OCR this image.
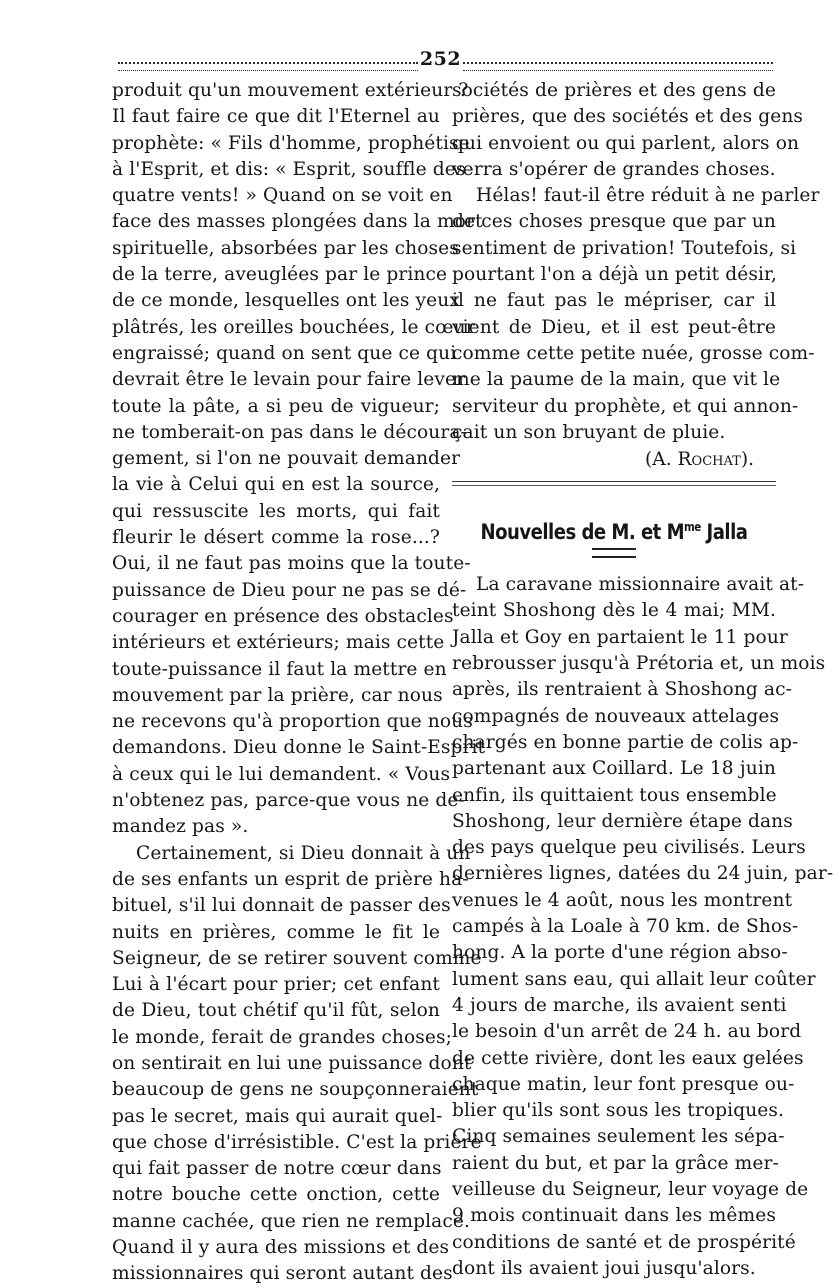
252
produit qu'un mouvement extérieur ?
Il faut faire ce que dit l'Eternel au
prophète: « Fils d'homme, prophétise
à l'Esprit, et dis: « Esprit, souffle des
quatre vents! » Quand on se voit en
face des masses plongées dans la mort
spirituelle, absorbées par les choses
de la terre, aveuglées par le prince
de ce monde, lesquelles ont les yeux
plâtrés, les oreilles bouchées, le cœur
engraissé; quand on sent que ce qui
devrait être le levain pour faire lever
toute la pâte, a si peu de vigueur;
ne tomberait-on pas dans le découra-
gement, si l'on ne pouvait demander
la vie à Celui qui en est la source,
qui ressuscite les morts, qui fait
fleurir le désert comme la rose...?
Oui, il ne faut pas moins que la toute-
puissance de Dieu pour ne pas se dé-
courager en présence des obstacles
intérieurs et extérieurs; mais cette
toute-puissance il faut la mettre en
mouvement par la prière, car nous
ne recevons qu'à proportion que nous
demandons. Dieu donne le Saint-Esprit
à ceux qui le lui demandent. « Vous
n'obtenez pas, parce-que vous ne de-
mandez pas ».
Certainement, si Dieu donnait à un
de ses enfants un esprit de prière ha-
bituel, s'il lui donnait de passer des
nuits en prières, comme le fit le
Seigneur, de se retirer souvent comme
Lui à l'écart pour prier; cet enfant
de Dieu, tout chétif qu'il fût, selon
le monde, ferait de grandes choses;
on sentirait en lui une puissance dont
beaucoup de gens ne soupçonneraient
pas le secret, mais qui aurait quel-
que chose d'irrésistible. C'est la prière
qui fait passer de notre cœur dans
notre bouche cette onction, cette
manne cachée, que rien ne remplace.
Quand il y aura des missions et des
missionnaires qui seront autant des
sociétés de prières et des gens de
prières, que des sociétés et des gens
qui envoient ou qui parlent, alors on
verra s'opérer de grandes choses.
Hélas! faut-il être réduit à ne parler
de ces choses presque que par un
sentiment de privation! Toutefois, si
pourtant l'on a déjà un petit désir,
il ne faut pas le mépriser, car il
vient de Dieu, et il est peut-être
comme cette petite nuée, grosse com-
me la paume de la main, que vit le
serviteur du prophète, et qui annon-
çait un son bruyant de pluie.
(A. Rochat).
Nouvelles de M. et $M^{me}$ Jalla
La caravane missionnaire avait at-
teint Shoshong dès le 4 mai; MM.
Jalla et Goy en partaient le 11 pour
rebrousser jusqu'à Prétoria et, un mois
après, ils rentraient à Shoshong ac-
compagnés de nouveaux attelages
chargés en bonne partie de colis ap-
partenant aux Coillard. Le 18 juin
enfin, ils quittaient tous ensemble
Shoshong, leur dernière étape dans
des pays quelque peu civilisés. Leurs
dernières lignes, datées du 24 juin, par-
venues le 4 août, nous les montrent
campés à la Loale à 70 km. de Shos-
hong. A la porte d'une région abso-
lument sans eau, qui allait leur coûter
4 jours de marche, ils avaient senti
le besoin d'un arrêt de 24 h. au bord
de cette rivière, dont les eaux gelées
chaque matin, leur font presque ou-
blier qu'ils sont sous les tropiques.
Cinq semaines seulement les sépa-
raient du but, et par la grâce mer-
veilleuse du Seigneur, leur voyage de
9 mois continuait dans les mêmes
conditions de santé et de prospérité
dont ils avaient joui jusqu'alors.
